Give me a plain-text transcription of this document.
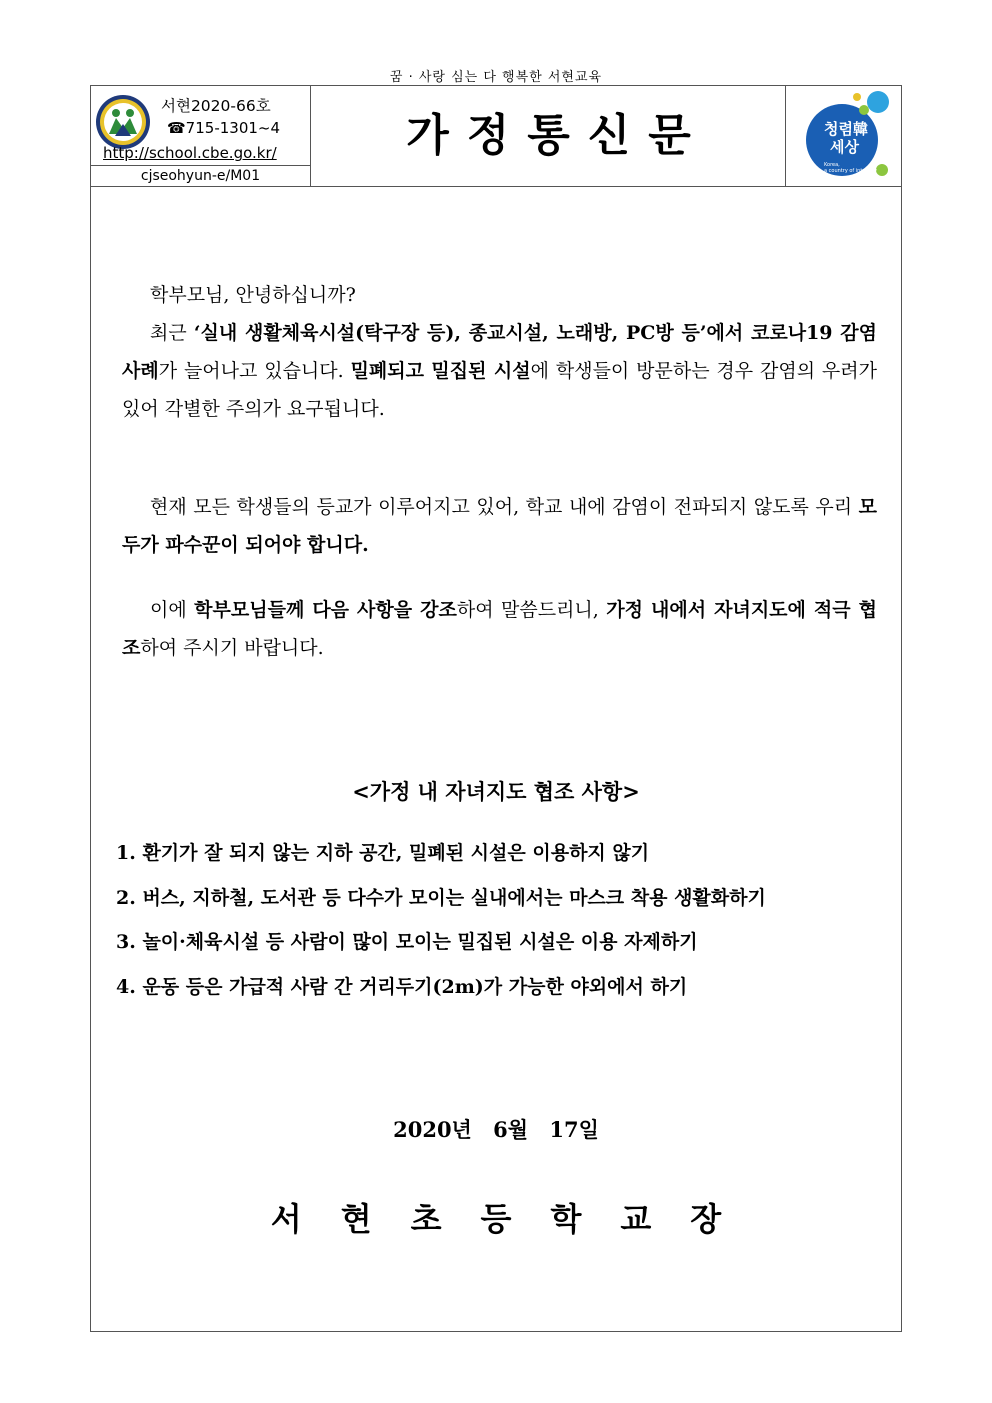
꿈 · 사랑 심는 다 행복한 서현교육
서현2020-66호
☎715-1301~4
http://school.cbe.go.kr/
cjseohyun-e/M01
가정통신문	청렴韓
세상
Korea,
a country of integrity
학부모님, 안녕하십니까?
최근 ‘실내 생활체육시설(탁구장 등), 종교시설, 노래방, PC방 등’에서 코로나19 감염사례가 늘어나고 있습니다. 밀폐되고 밀집된 시설에 학생들이 방문하는 경우 감염의 우려가 있어 각별한 주의가 요구됩니다.
현재 모든 학생들의 등교가 이루어지고 있어, 학교 내에 감염이 전파되지 않도록 우리 모두가 파수꾼이 되어야 합니다.
이에 학부모님들께 다음 사항을 강조하여 말씀드리니, 가정 내에서 자녀지도에 적극 협조하여 주시기 바랍니다.
<가정 내 자녀지도 협조 사항>
1. 환기가 잘 되지 않는 지하 공간, 밀폐된 시설은 이용하지 않기
2. 버스, 지하철, 도서관 등 다수가 모이는 실내에서는 마스크 착용 생활화하기
3. 놀이·체육시설 등 사람이 많이 모이는 밀집된 시설은 이용 자제하기
4. 운동 등은 가급적 사람 간 거리두기(2m)가 가능한 야외에서 하기
2020년 6월 17일
서현초등학교장
